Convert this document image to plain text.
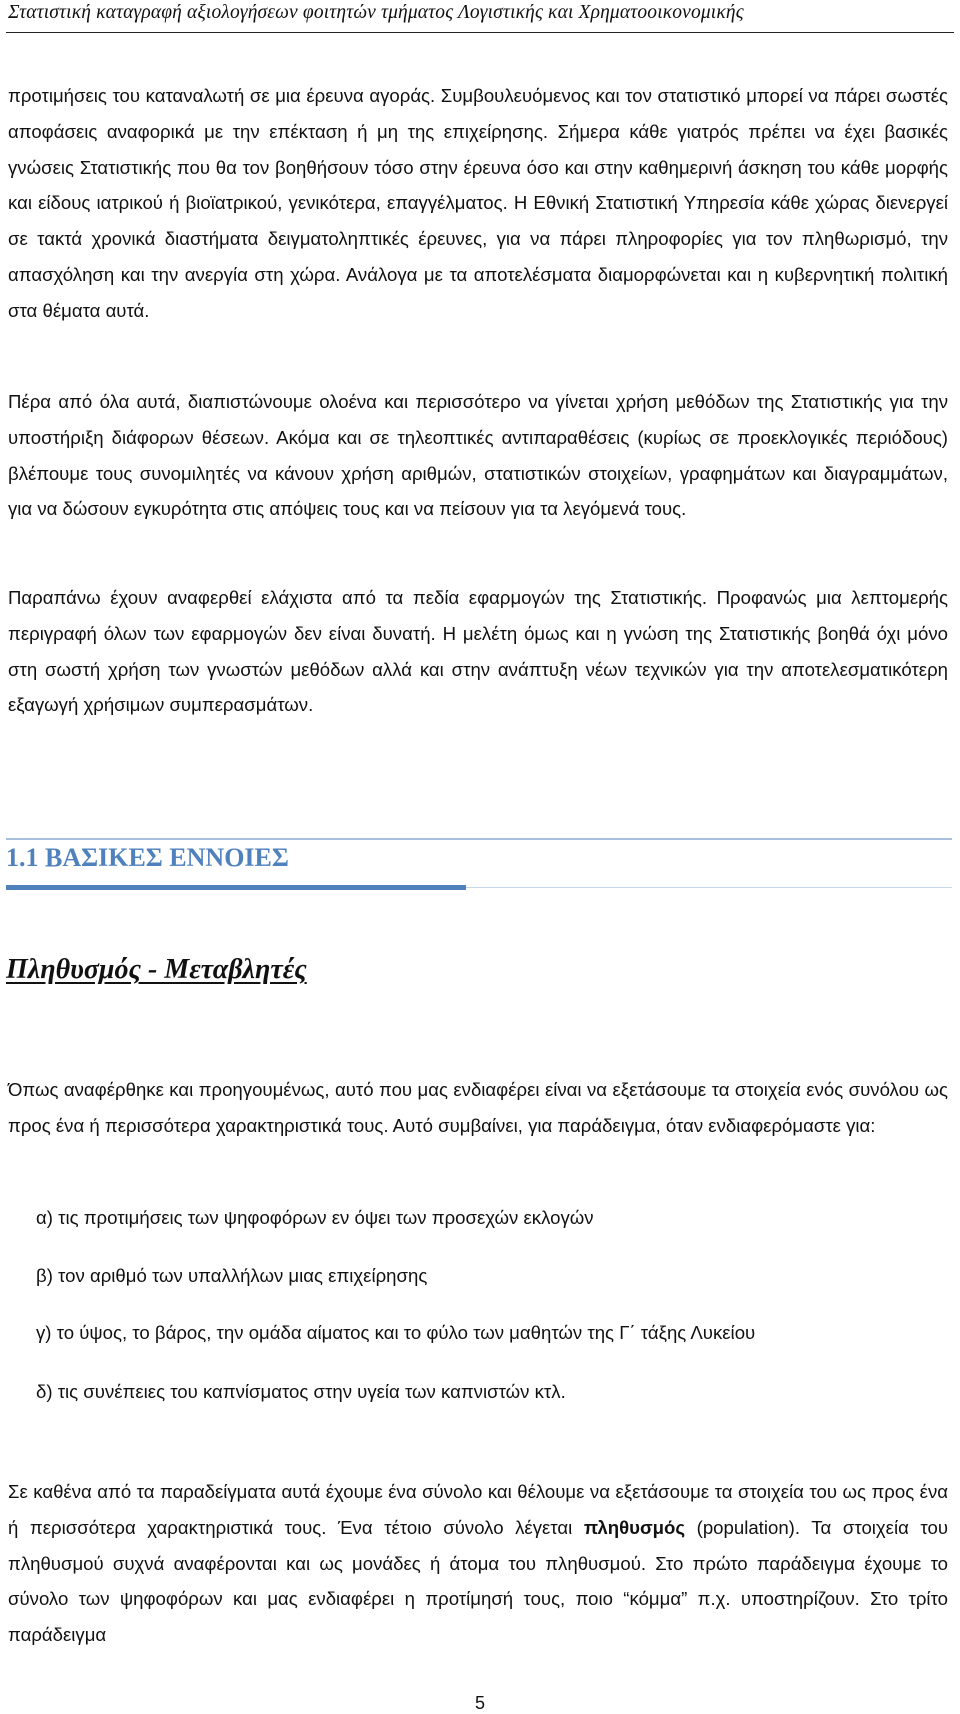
Στατιστική καταγραφή αξιολογήσεων φοιτητών τμήματος Λογιστικής και Χρηματοοικονομικής

προτιμήσεις του καταναλωτή σε μια έρευνα αγοράς. Συμβουλευόμενος και τον στατιστικό μπορεί να πάρει σωστές αποφάσεις αναφορικά με την επέκταση ή μη της επιχείρησης. Σήμερα κάθε γιατρός πρέπει να έχει βασικές γνώσεις Στατιστικής που θα τον βοηθήσουν τόσο στην έρευνα όσο και στην καθημερινή άσκηση του κάθε μορφής και είδους ιατρικού ή βιοϊατρικού, γενικότερα, επαγγέλματος. Η Εθνική Στατιστική Υπηρεσία κάθε χώρας διενεργεί σε τακτά χρονικά διαστήματα δειγματοληπτικές έρευνες, για να πάρει πληροφορίες για τον πληθωρισμό, την απασχόληση και την ανεργία στη χώρα. Ανάλογα με τα αποτελέσματα διαμορφώνεται και η κυβερνητική πολιτική στα θέματα αυτά.

Πέρα από όλα αυτά, διαπιστώνουμε ολοένα και περισσότερο να γίνεται χρήση μεθόδων της Στατιστικής για την υποστήριξη διάφορων θέσεων. Ακόμα και σε τηλεοπτικές αντιπαραθέσεις (κυρίως σε προεκλογικές περιόδους) βλέπουμε τους συνομιλητές να κάνουν χρήση αριθμών, στατιστικών στοιχείων, γραφημάτων και διαγραμμάτων, για να δώσουν εγκυρότητα στις απόψεις τους και να πείσουν για τα λεγόμενά τους.

Παραπάνω έχουν αναφερθεί ελάχιστα από τα πεδία εφαρμογών της Στατιστικής. Προφανώς μια λεπτομερής περιγραφή όλων των εφαρμογών δεν είναι δυνατή. Η μελέτη όμως και η γνώση της Στατιστικής βοηθά όχι μόνο στη σωστή χρήση των γνωστών μεθόδων αλλά και στην ανάπτυξη νέων τεχνικών για την αποτελεσματικότερη εξαγωγή χρήσιμων συμπερασμάτων.

1.1 ΒΑΣΙΚΕΣ ΕΝΝΟΙΕΣ
Πληθυσμός - Μεταβλητές

Όπως αναφέρθηκε και προηγουμένως, αυτό που μας ενδιαφέρει είναι να εξετάσουμε τα στοιχεία ενός συνόλου ως προς ένα ή περισσότερα χαρακτηριστικά τους. Αυτό συμβαίνει, για παράδειγμα, όταν ενδιαφερόμαστε για:

α) τις προτιμήσεις των ψηφοφόρων εν όψει των προσεχών εκλογών
β) τον αριθμό των υπαλλήλων μιας επιχείρησης
γ) το ύψος, το βάρος, την ομάδα αίματος και το φύλο των μαθητών της Γ΄ τάξης Λυκείου
δ) τις συνέπειες του καπνίσματος στην υγεία των καπνιστών κτλ.

Σε καθένα από τα παραδείγματα αυτά έχουμε ένα σύνολο και θέλουμε να εξετάσουμε τα στοιχεία του ως προς ένα ή περισσότερα χαρακτηριστικά τους. Ένα τέτοιο σύνολο λέγεται πληθυσμός (population). Τα στοιχεία του πληθυσμού συχνά αναφέρονται και ως μονάδες ή άτομα του πληθυσμού. Στο πρώτο παράδειγμα έχουμε το σύνολο των ψηφοφόρων και μας ενδιαφέρει η προτίμησή τους, ποιο “κόμμα” π.χ. υποστηρίζουν. Στο τρίτο παράδειγμα

5
